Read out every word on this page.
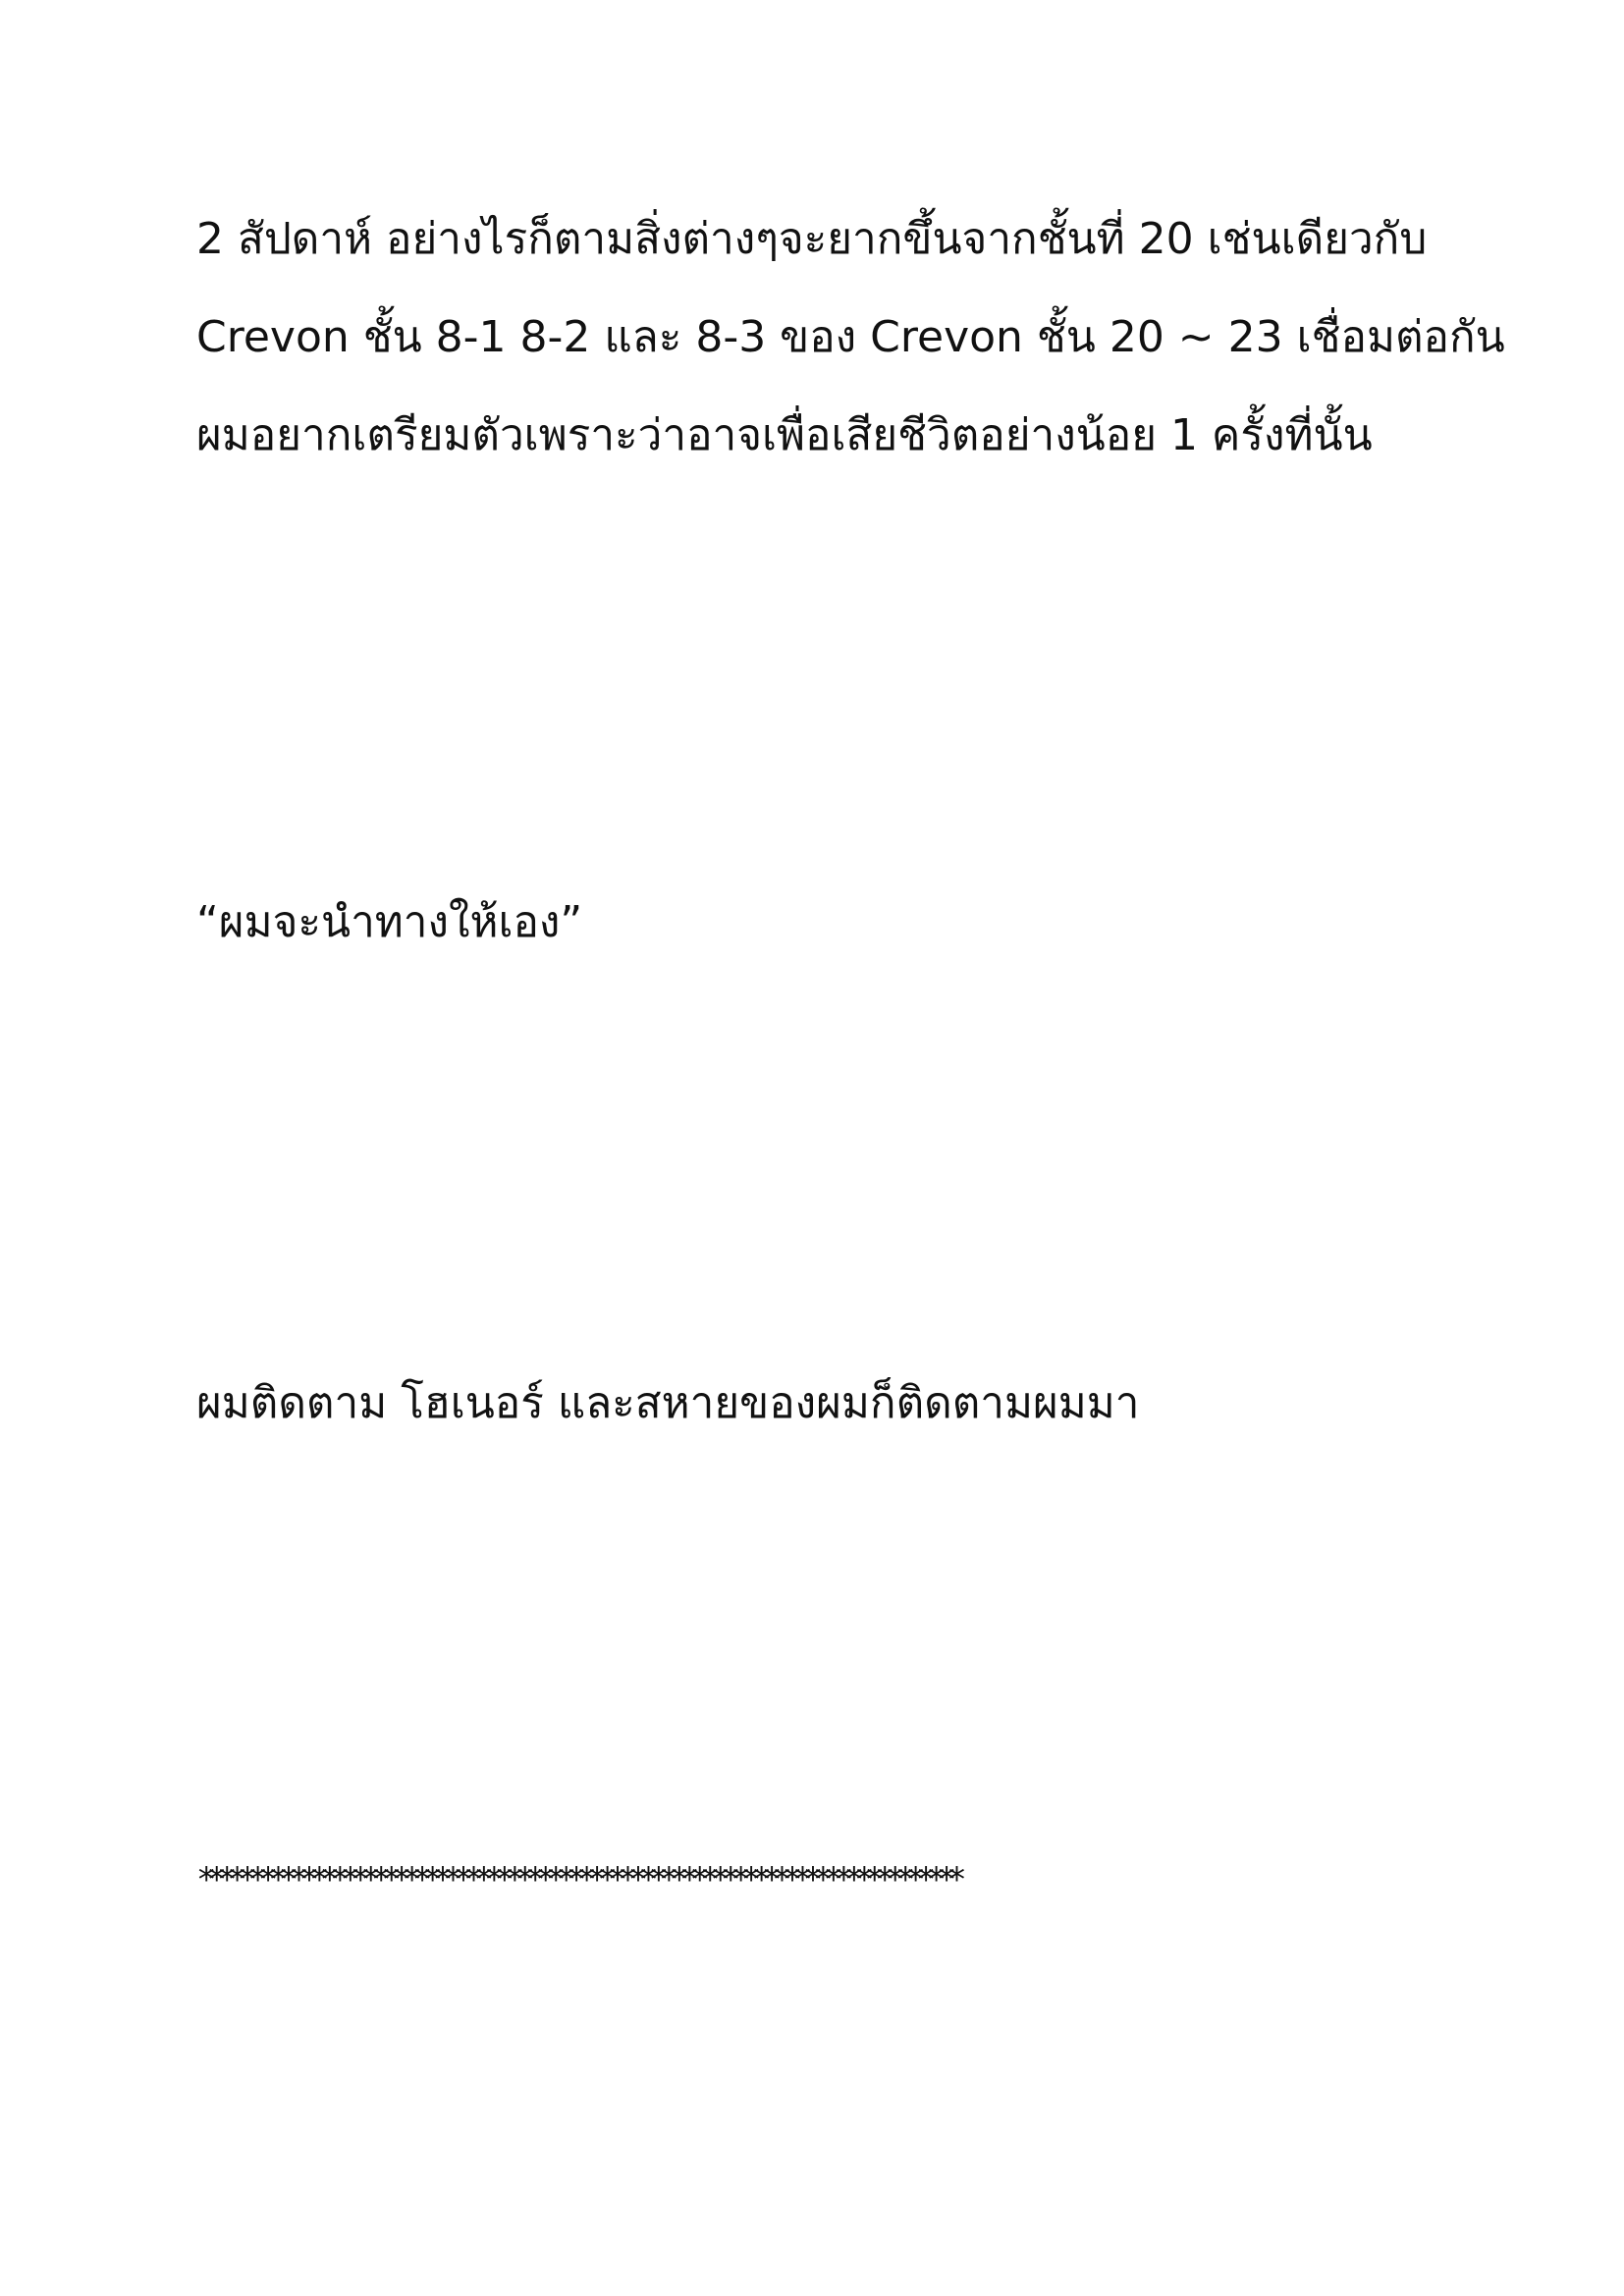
2 สัปดาห์ อย่างไรก็ตามสิ่งต่างๆจะยากขึ้นจากชั้นที่ 20 เช่นเดียวกับ
Crevon ชั้น 8-1 8-2 และ 8-3 ของ Crevon ชั้น 20 ~ 23 เชื่อมต่อกัน
ผมอยากเตรียมตัวเพราะว่าอาจเพื่อเสียชีวิตอย่างน้อย 1 ครั้งที่นั้น
“ผมจะนำทางให้เอง”
ผมติดตาม โฮเนอร์ และสหายของผมก็ติดตามผมมา
**************************************************************************
